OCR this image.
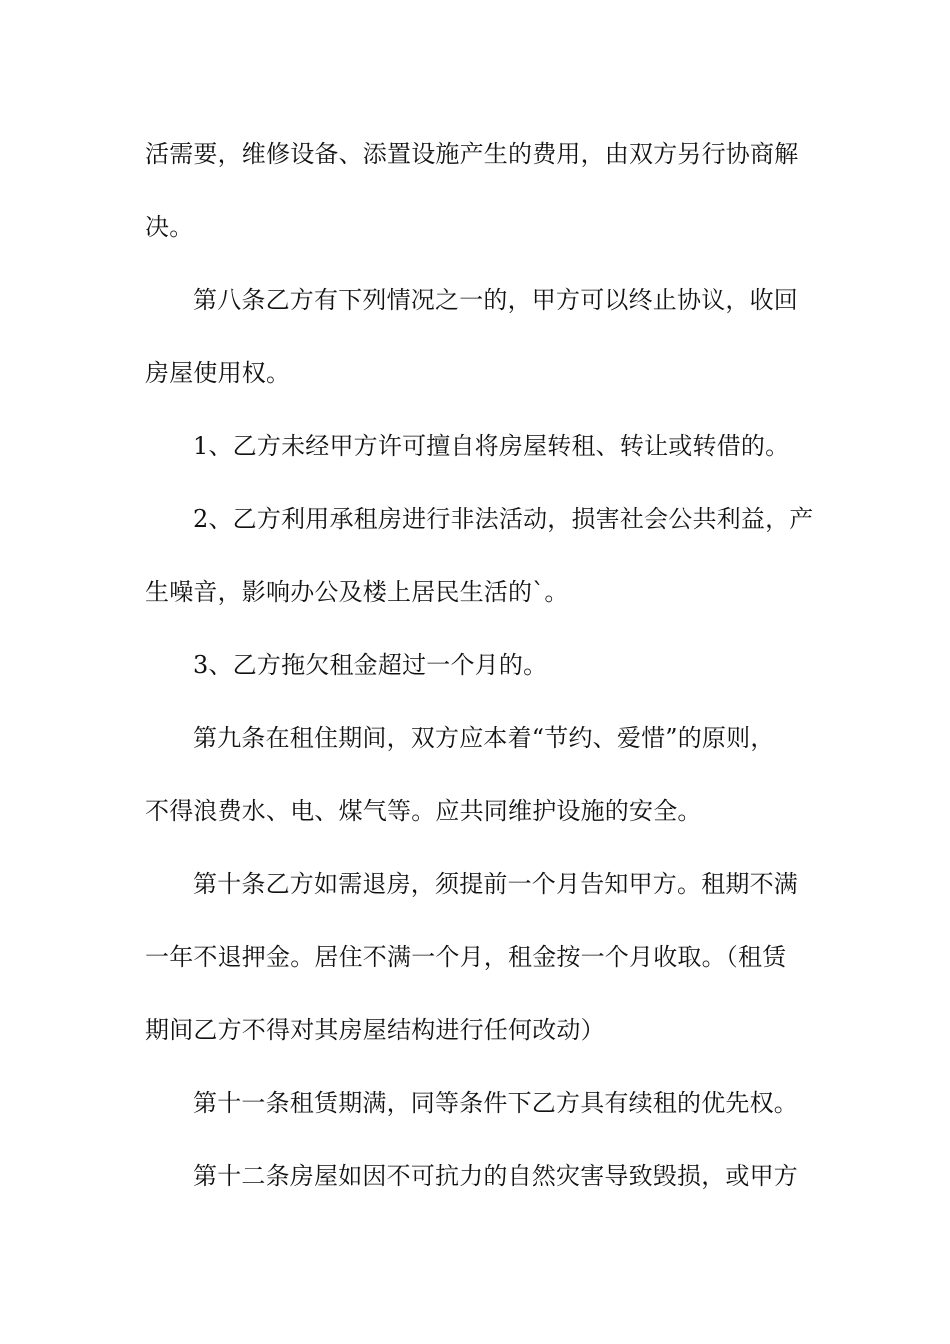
活需要，维修设备、添置设施产生的费用，由双方另行协商解
决。
第八条乙方有下列情况之一的，甲方可以终止协议，收回
房屋使用权。
1、乙方未经甲方许可擅自将房屋转租、转让或转借的。
2、乙方利用承租房进行非法活动，损害社会公共利益，产
生噪音，影响办公及楼上居民生活的`。
3、乙方拖欠租金超过一个月的。
第九条在租住期间，双方应本着“节约、爱惜”的原则，
不得浪费水、电、煤气等。应共同维护设施的安全。
第十条乙方如需退房，须提前一个月告知甲方。租期不满
一年不退押金。居住不满一个月，租金按一个月收取。（租赁
期间乙方不得对其房屋结构进行任何改动）
第十一条租赁期满，同等条件下乙方具有续租的优先权。
第十二条房屋如因不可抗力的自然灾害导致毁损，或甲方
